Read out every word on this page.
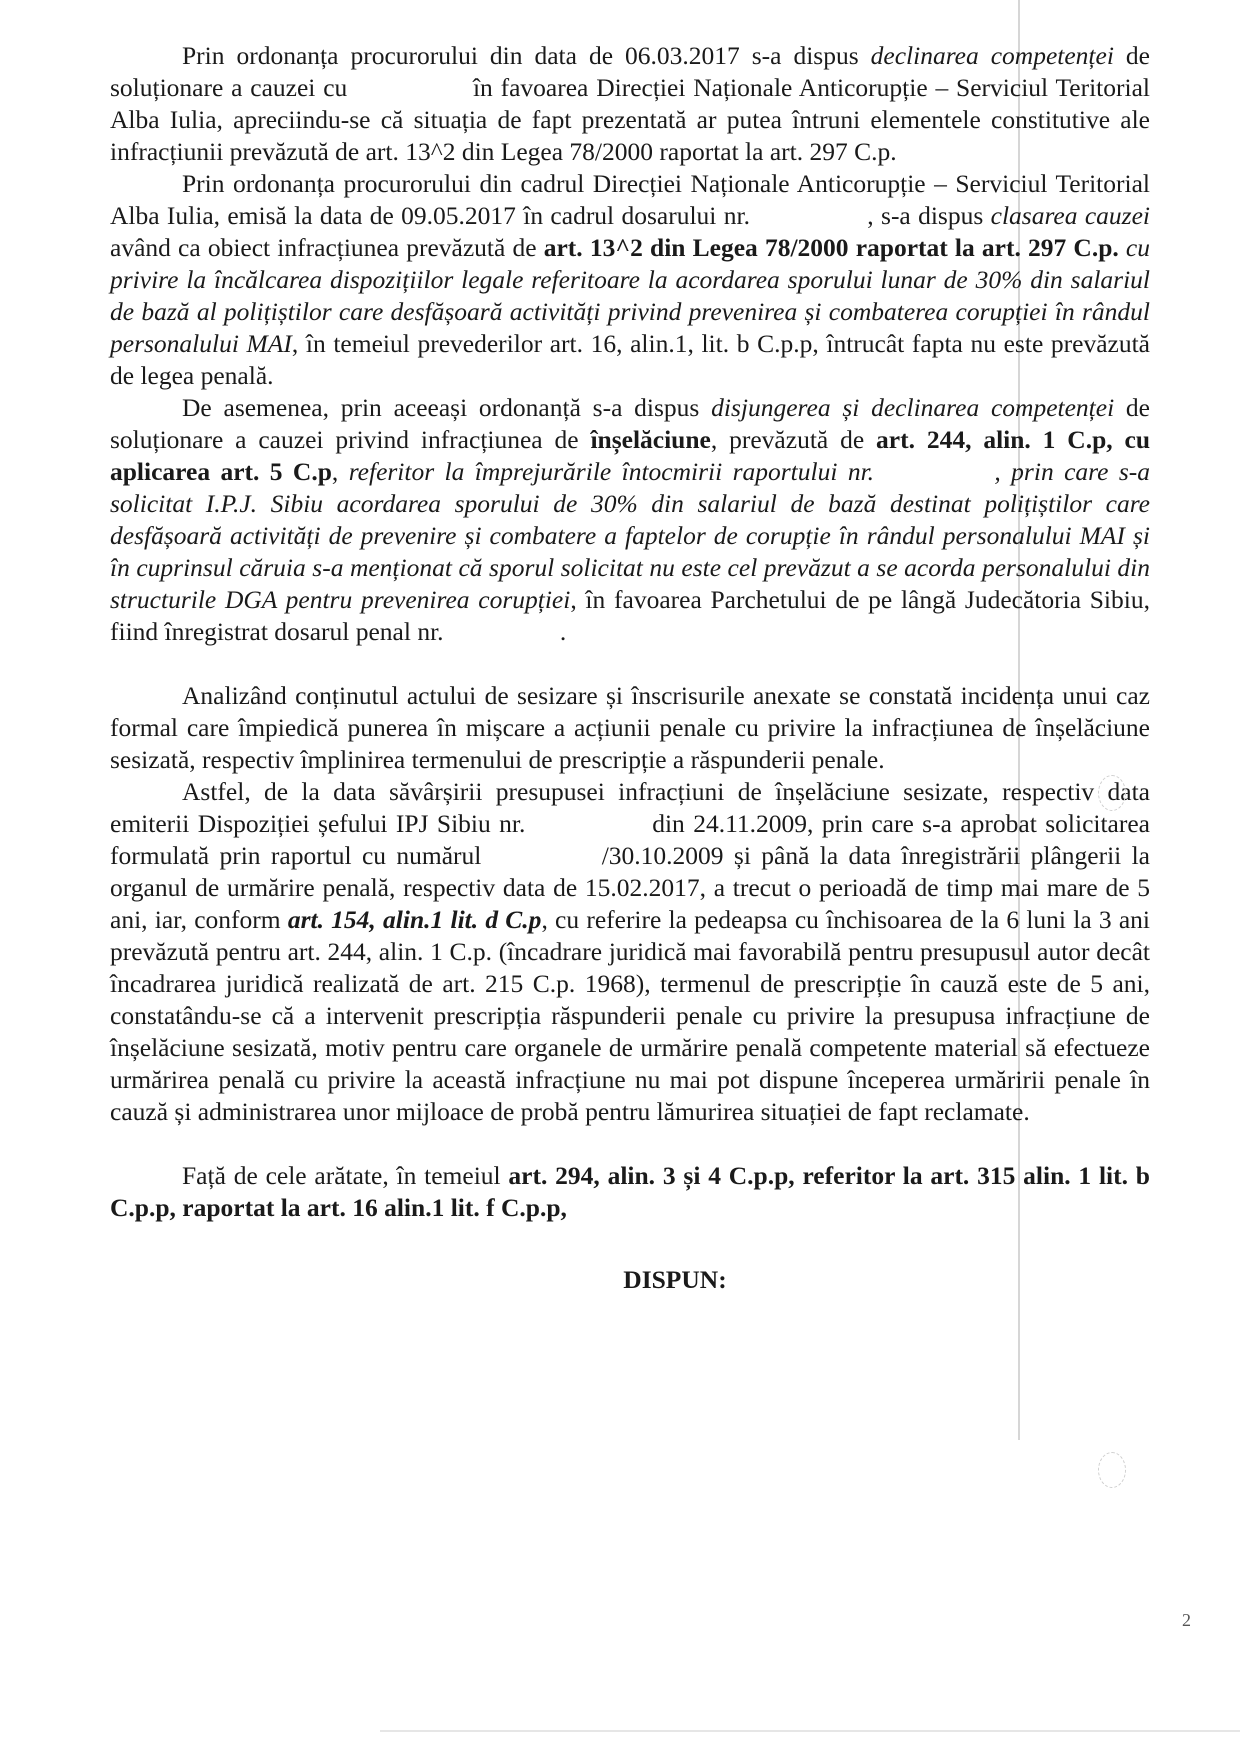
Prin ordonanța procurorului din data de 06.03.2017 s-a dispus declinarea competenței de soluționare a cauzei cu	în favoarea Direcției Naționale Anticorupție – Serviciul Teritorial Alba Iulia, apreciindu-se că situația de fapt prezentată ar putea întruni elementele constitutive ale infracțiunii prevăzută de art. 13^2 din Legea 78/2000 raportat la art. 297 C.p.

Prin ordonanța procurorului din cadrul Direcției Naționale Anticorupție – Serviciul Teritorial Alba Iulia, emisă la data de 09.05.2017 în cadrul dosarului nr.	, s-a dispus clasarea cauzei având ca obiect infracțiunea prevăzută de art. 13^2 din Legea 78/2000 raportat la art. 297 C.p. cu privire la încălcarea dispozițiilor legale referitoare la acordarea sporului lunar de 30% din salariul de bază al polițiștilor care desfășoară activități privind prevenirea și combaterea corupției în rândul personalului MAI, în temeiul prevederilor art. 16, alin.1, lit. b C.p.p, întrucât fapta nu este prevăzută de legea penală.

De asemenea, prin aceeași ordonanță s-a dispus disjungerea și declinarea competenței de soluționare a cauzei privind infracțiunea de înșelăciune, prevăzută de art. 244, alin. 1 C.p, cu aplicarea art. 5 C.p, referitor la împrejurările întocmirii raportului nr.	, prin care s-a solicitat I.P.J. Sibiu acordarea sporului de 30% din salariul de bază destinat polițiștilor care desfășoară activități de prevenire și combatere a faptelor de corupție în rândul personalului MAI și în cuprinsul căruia s-a menționat că sporul solicitat nu este cel prevăzut a se acorda personalului din structurile DGA pentru prevenirea corupției, în favoarea Parchetului de pe lângă Judecătoria Sibiu, fiind înregistrat dosarul penal nr.	.

Analizând conținutul actului de sesizare și înscrisurile anexate se constată incidența unui caz formal care împiedică punerea în mișcare a acțiunii penale cu privire la infracțiunea de înșelăciune sesizată, respectiv împlinirea termenului de prescripție a răspunderii penale.

Astfel, de la data săvârșirii presupusei infracțiuni de înșelăciune sesizate, respectiv data emiterii Dispoziției șefului IPJ Sibiu nr.	din 24.11.2009, prin care s-a aprobat solicitarea formulată prin raportul cu numărul	/30.10.2009 și până la data înregistrării plângerii la organul de urmărire penală, respectiv data de 15.02.2017, a trecut o perioadă de timp mai mare de 5 ani, iar, conform art. 154, alin.1 lit. d C.p, cu referire la pedeapsa cu închisoarea de la 6 luni la 3 ani prevăzută pentru art. 244, alin. 1 C.p. (încadrare juridică mai favorabilă pentru presupusul autor decât încadrarea juridică realizată de art. 215 C.p. 1968), termenul de prescripție în cauză este de 5 ani, constatându-se că a intervenit prescripția răspunderii penale cu privire la presupusa infracțiune de înșelăciune sesizată, motiv pentru care organele de urmărire penală competente material să efectueze urmărirea penală cu privire la această infracțiune nu mai pot dispune începerea urmăririi penale în cauză și administrarea unor mijloace de probă pentru lămurirea situației de fapt reclamate.

Față de cele arătate, în temeiul art. 294, alin. 3 și 4 C.p.p, referitor la art. 315 alin. 1 lit. b C.p.p, raportat la art. 16 alin.1 lit. f C.p.p,

DISPUN:

2
